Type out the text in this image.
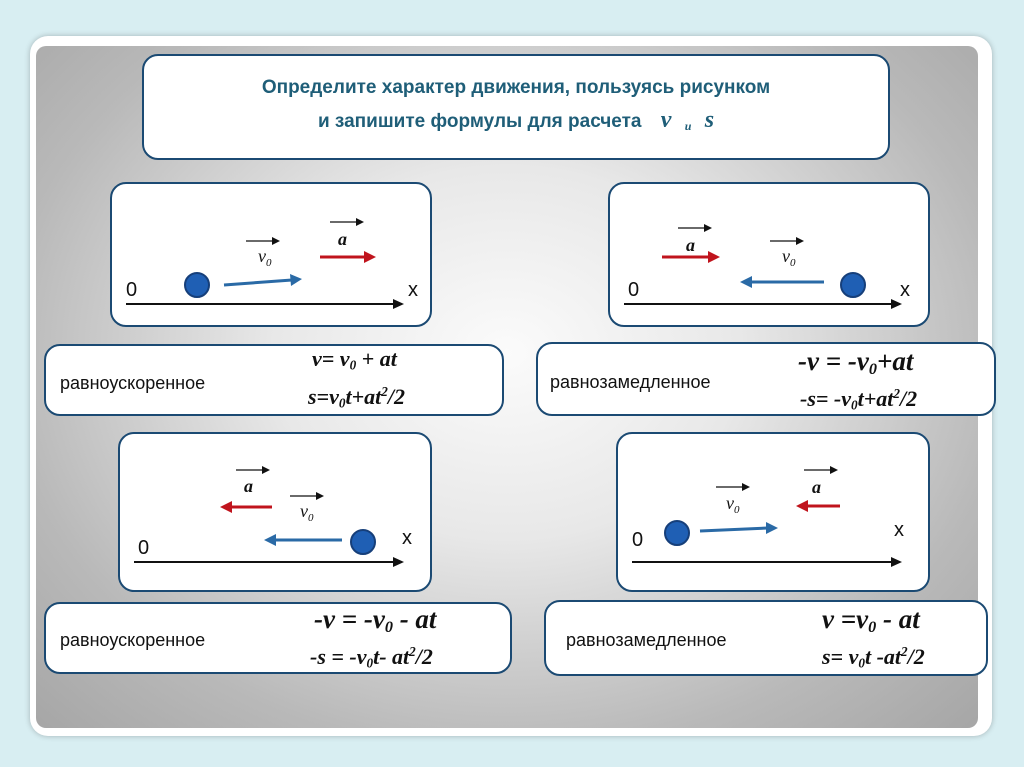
Определите характер движения, пользуясь рисунком
и запишите формулы для расчета v и s
0	x
$v_0$
a
0	x
$v_0$
a
0	x
$v_0$
a
0	x
$v_0$
a
равноускоренное
$v= v_0$ + at
$s=v_0t+at^2/2$
равнозамедленное
$-v = -v_0+at$
$-s= -v_0t+at^2/2$
равноускоренное
$-v = -v_0$ - at
$-s = -v_0t-$ $at^2/2$
равнозамедленное
$v =v_0$ - at
$s= v_0t$ $-at^2/2$
